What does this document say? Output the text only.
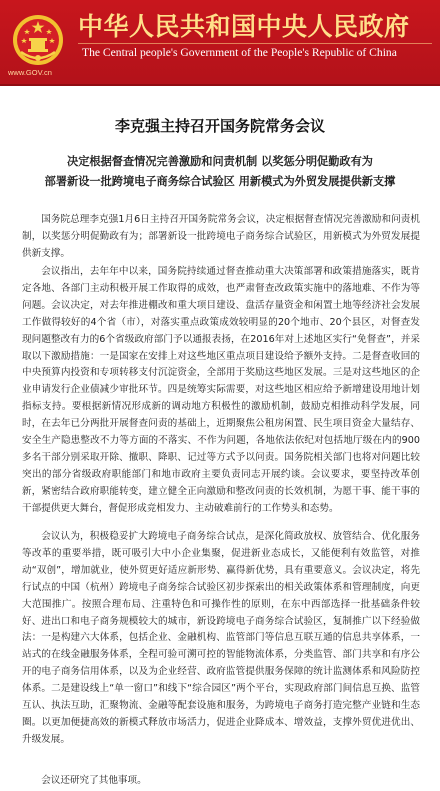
中华人民共和国中央人民政府
The Central people's Government of the People's Republic of China
www.GOV.cn
李克强主持召开国务院常务会议
决定根据督查情况完善激励和问责机制 以奖惩分明促勤政有为
部署新设一批跨境电子商务综合试验区 用新模式为外贸发展提供新支撑

国务院总理李克强1月6日主持召开国务院常务会议，决定根据督查情况完善激励和问责机制，以奖惩分明促勤政有为；部署新设一批跨境电子商务综合试验区，用新模式为外贸发展提供新支撑。

会议指出，去年年中以来，国务院持续通过督查推动重大决策部署和政策措施落实，既肯定各地、各部门主动积极开展工作取得的成效，也严肃督查改政策实施中的落地难、不作为等问题。会议决定，对去年推进棚改和重大项目建设、盘活存量资金和闲置土地等经济社会发展工作做得较好的4个省（市），对落实重点政策成效较明显的20个地市、20个县区，对督查发现问题整改有力的6个省级政府部门予以通报表扬，在2016年对上述地区实行“免督查”，并采取以下激励措施：一是国家在安排上对这些地区重点项目建设给予额外支持。二是督查收回的中央预算内投资和专项转移支付沉淀资金，全部用于奖励这些地区发展。三是对这些地区的企业申请发行企业债减少审批环节。四是统筹实际需要，对这些地区相应给予新增建设用地计划指标支持。要根据新情况形成新的调动地方积极性的激励机制，鼓励克相推动科学发展，同时，在去年已分两批开展督查问责的基础上，近期聚焦公租房闲置、民生项目资金大量结存、安全生产隐患整改不力等方面的不落实、不作为问题，各地依法依纪对包括地厅级在内的900多名干部分别采取开除、撤职、降职、记过等方式予以问责。国务院相关部门也将对问题比较突出的部分省级政府职能部门和地市政府主要负责同志开展约谈。会议要求，要坚持改革创新，紧密结合政府职能转变，建立健全正向激励和整改问责的长效机制，为愿干事、能干事的干部提供更大舞台，督促形成竞相发力、主动破难前行的工作势头和态势。

会议认为，积极稳妥扩大跨境电子商务综合试点，是深化简政放权、放管结合、优化服务等改革的重要举措，既可吸引大中小企业集聚，促进新业态成长，又能便利有效监管，对推动“双创”，增加就业，使外贸更好适应新形势、赢得新优势，具有重要意义。会议决定，将先行试点的中国（杭州）跨境电子商务综合试验区初步探索出的相关政策体系和管理制度，向更大范围推广。按照合理布局、注重特色和可操作性的原则，在东中西部选择一批基础条件较好、进出口和电子商务规模较大的城市，新设跨境电子商务综合试验区，复制推广以下经验做法：一是构建六大体系，包括企业、金融机构、监管部门等信息互联互通的信息共享体系，一站式的在线金融服务体系，全程可验可溯可控的智能物流体系，分类监管、部门共享和有序公开的电子商务信用体系，以及为企业经营、政府监管提供服务保障的统计监测体系和风险防控体系。二是建设线上“单一窗口”和线下“综合园区”两个平台，实现政府部门间信息互换、监管互认、执法互助，汇聚物流、金融等配套设施和服务，为跨境电子商务打造完整产业链和生态圈。以更加便捷高效的新模式释放市场活力，促进企业降成本、增效益，支撑外贸优进优出、升级发展。

会议还研究了其他事项。
